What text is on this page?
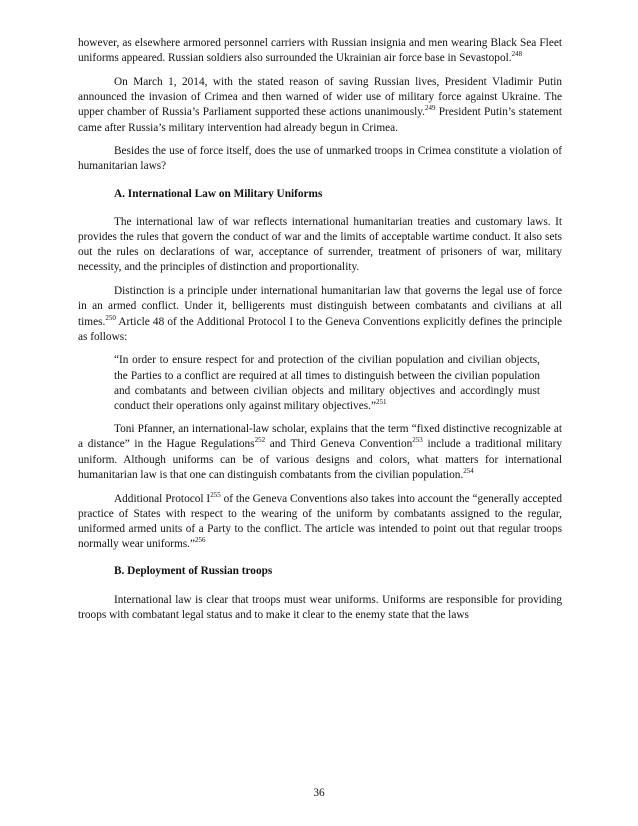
however, as elsewhere armored personnel carriers with Russian insignia and men wearing Black Sea Fleet uniforms appeared. Russian soldiers also surrounded the Ukrainian air force base in Sevastopol.$^{248}$

On March 1, 2014, with the stated reason of saving Russian lives, President Vladimir Putin announced the invasion of Crimea and then warned of wider use of military force against Ukraine. The upper chamber of Russia’s Parliament supported these actions unanimously.$^{249}$ President Putin’s statement came after Russia’s military intervention had already begun in Crimea.

Besides the use of force itself, does the use of unmarked troops in Crimea constitute a violation of humanitarian laws?

A. International Law on Military Uniforms

The international law of war reflects international humanitarian treaties and customary laws. It provides the rules that govern the conduct of war and the limits of acceptable wartime conduct. It also sets out the rules on declarations of war, acceptance of surrender, treatment of prisoners of war, military necessity, and the principles of distinction and proportionality.

Distinction is a principle under international humanitarian law that governs the legal use of force in an armed conflict. Under it, belligerents must distinguish between combatants and civilians at all times.$^{250}$ Article 48 of the Additional Protocol I to the Geneva Conventions explicitly defines the principle as follows:

“In order to ensure respect for and protection of the civilian population and civilian objects, the Parties to a conflict are required at all times to distinguish between the civilian population and combatants and between civilian objects and military objectives and accordingly must conduct their operations only against military objectives.”$^{251}$

Toni Pfanner, an international-law scholar, explains that the term “fixed distinctive recognizable at a distance” in the Hague Regulations$^{252}$ and Third Geneva Convention$^{253}$ include a traditional military uniform. Although uniforms can be of various designs and colors, what matters for international humanitarian law is that one can distinguish combatants from the civilian population.$^{254}$

Additional Protocol $I^{255}$ of the Geneva Conventions also takes into account the “generally accepted practice of States with respect to the wearing of the uniform by combatants assigned to the regular, uniformed armed units of a Party to the conflict. The article was intended to point out that regular troops normally wear uniforms.”$^{256}$

B. Deployment of Russian troops

International law is clear that troops must wear uniforms. Uniforms are responsible for providing troops with combatant legal status and to make it clear to the enemy state that the laws

36
